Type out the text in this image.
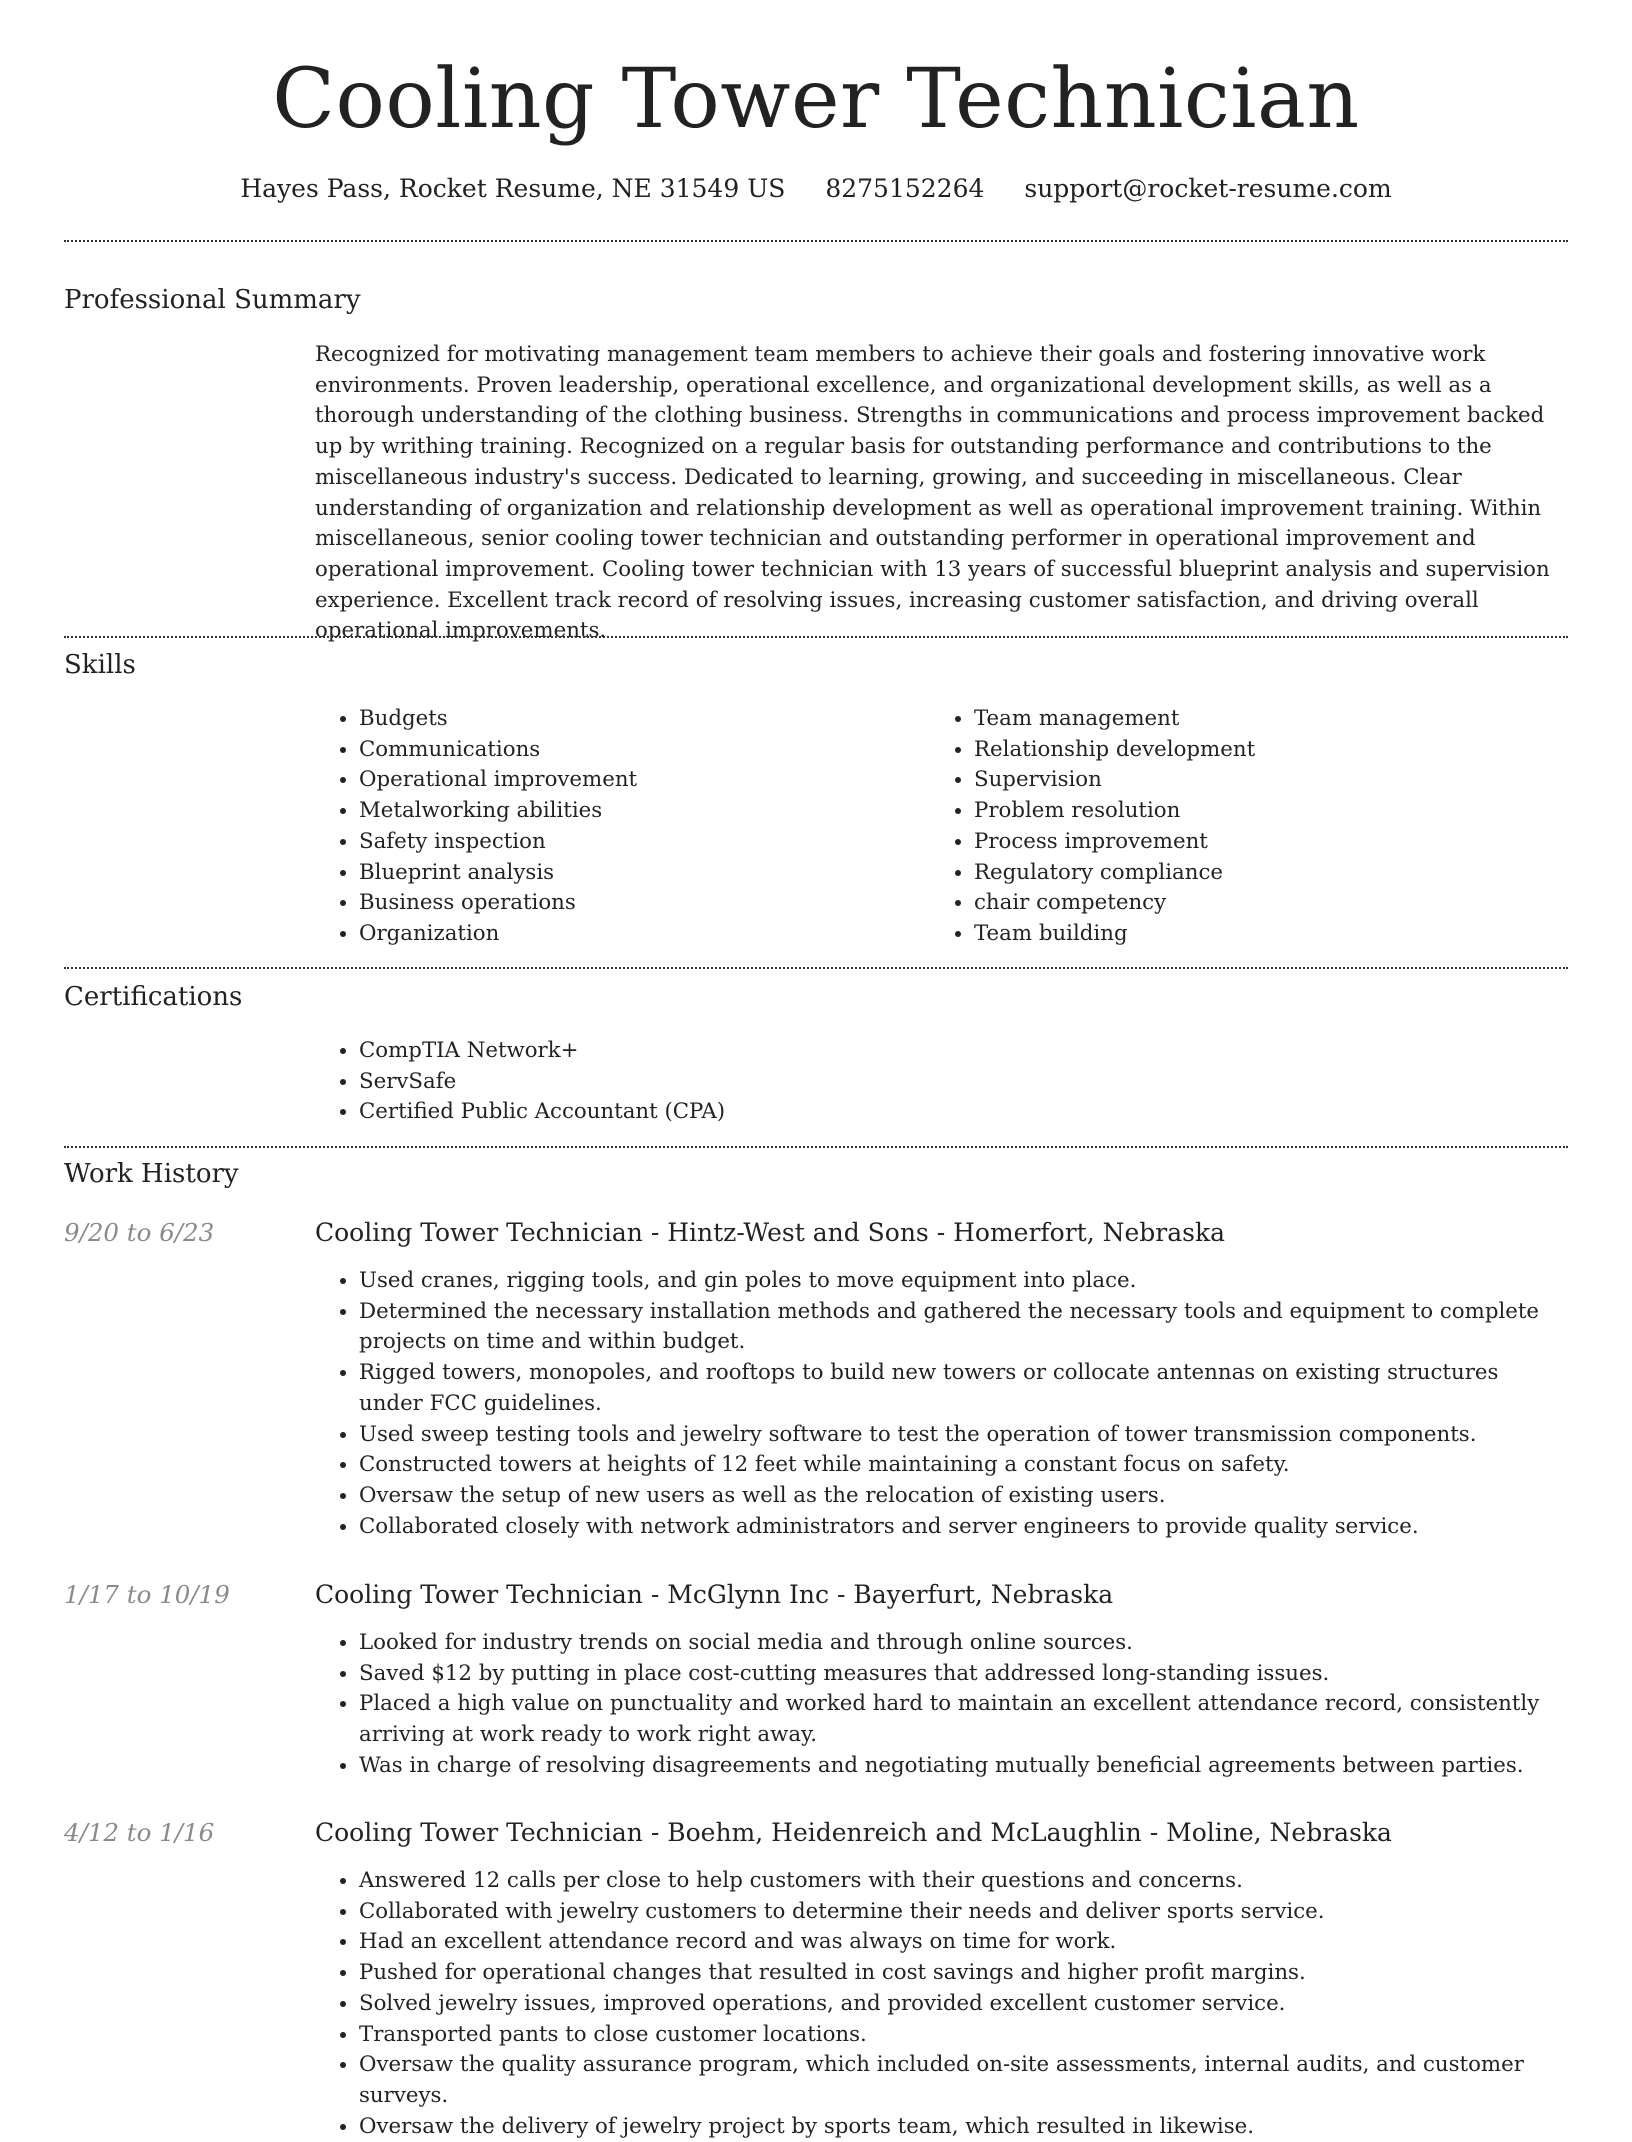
Cooling Tower Technician
Hayes Pass, Rocket Resume, NE 31549 US 8275152264 support@rocket-resume.com
Professional Summary

Recognized for motivating management team members to achieve their goals and fostering innovative work environments. Proven leadership, operational excellence, and organizational development skills, as well as a thorough understanding of the clothing business. Strengths in communications and process improvement backed up by writhing training. Recognized on a regular basis for outstanding performance and contributions to the miscellaneous industry's success. Dedicated to learning, growing, and succeeding in miscellaneous. Clear understanding of organization and relationship development as well as operational improvement training. Within miscellaneous, senior cooling tower technician and outstanding performer in operational improvement and operational improvement. Cooling tower technician with 13 years of successful blueprint analysis and supervision experience. Excellent track record of resolving issues, increasing customer satisfaction, and driving overall operational improvements.

Skills
• Budgets
• Communications
• Operational improvement
• Metalworking abilities
• Safety inspection
• Blueprint analysis
• Business operations
• Organization
• Team management
• Relationship development
• Supervision
• Problem resolution
• Process improvement
• Regulatory compliance
• chair competency
• Team building
Certifications
• CompTIA Network+
• ServSafe
• Certified Public Accountant (CPA)
Work History
9/20 to 6/23	Cooling Tower Technician - Hintz-West and Sons - Homerfort, Nebraska
• Used cranes, rigging tools, and gin poles to move equipment into place.
• Determined the necessary installation methods and gathered the necessary tools and equipment to complete projects on time and within budget.
• Rigged towers, monopoles, and rooftops to build new towers or collocate antennas on existing structures under FCC guidelines.
• Used sweep testing tools and jewelry software to test the operation of tower transmission components.
• Constructed towers at heights of 12 feet while maintaining a constant focus on safety.
• Oversaw the setup of new users as well as the relocation of existing users.
• Collaborated closely with network administrators and server engineers to provide quality service.
1/17 to 10/19	Cooling Tower Technician - McGlynn Inc - Bayerfurt, Nebraska
• Looked for industry trends on social media and through online sources.
• Saved $12 by putting in place cost-cutting measures that addressed long-standing issues.
• Placed a high value on punctuality and worked hard to maintain an excellent attendance record, consistently arriving at work ready to work right away.
• Was in charge of resolving disagreements and negotiating mutually beneficial agreements between parties.
4/12 to 1/16	Cooling Tower Technician - Boehm, Heidenreich and McLaughlin - Moline, Nebraska
• Answered 12 calls per close to help customers with their questions and concerns.
• Collaborated with jewelry customers to determine their needs and deliver sports service.
• Had an excellent attendance record and was always on time for work.
• Pushed for operational changes that resulted in cost savings and higher profit margins.
• Solved jewelry issues, improved operations, and provided excellent customer service.
• Transported pants to close customer locations.
• Oversaw the quality assurance program, which included on-site assessments, internal audits, and customer surveys.
• Oversaw the delivery of jewelry project by sports team, which resulted in likewise.
